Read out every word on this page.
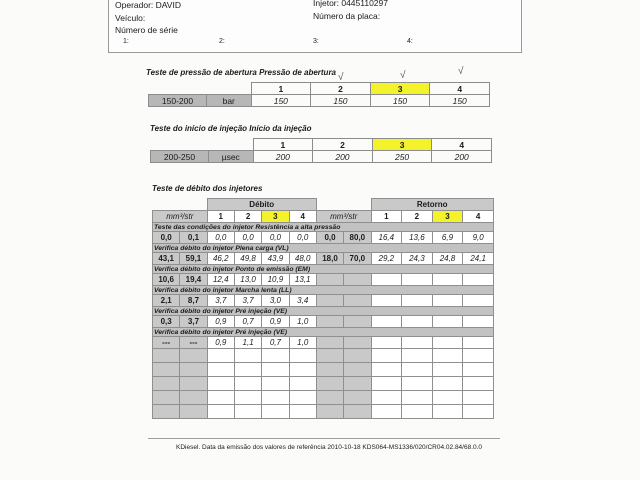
Operador: DAVID
Veículo:
Número de série
1:	2:	3:	4:
Injetor: 0445110297
Número da placa:
Teste de pressão de abertura Pressão de abertura √	√	√
		1	2	3	4
150-200	bar	150	150	150	150
Teste do início de injeção Início da injeção
		1	2	3	4
200-250	µsec	200	200	250	200
Teste de débito dos injetores
		Débito						Retorno			
mm³/str		1	2	3	4	mm³/str		1	2	3	4
Teste das condições do injetor Resistência a alta pressão											
0,0	0,1	0,0	0,0	0,0	0,0	0,0	80,0	16,4	13,6	6,9	9,0
Verifica débito do injetor Plena carga (VL)											
43,1	59,1	46,2	49,8	43,9	48,0	18,0	70,0	29,2	24,3	24,8	24,1
Verifica débito do injetor Ponto de emissão (EM)											
10,6	19,4	12,4	13,0	10,9	13,1						
Verifica débito do injetor Marcha lenta (LL)											
2,1	8,7	3,7	3,7	3,0	3,4						
Verifica débito do injetor Pré injeção (VE)											
0,3	3,7	0,9	0,7	0,9	1,0						
Verifica débito do injetor Pré injeção (VE)											
---	---	0,9	1,1	0,7	1,0						

KDiesel. Data da emissão dos valores de referência 2010-10-18 KDS064-MS1336/020/CR04.02.84/68.0.0
